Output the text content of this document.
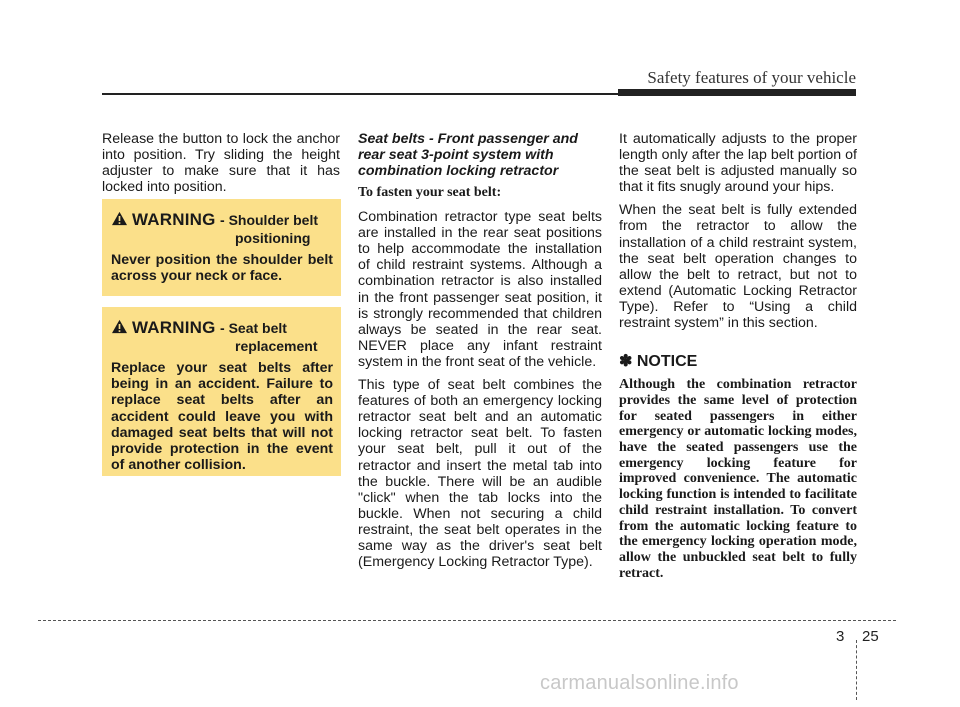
Safety features of your vehicle

Release the button to lock the anchor into position. Try sliding the height adjuster to make sure that it has locked into position.

WARNING - Shoulder belt
positioning
Never position the shoulder belt across your neck or face.
WARNING - Seat belt
replacement
Replace your seat belts after being in an accident. Failure to replace seat belts after an accident could leave you with damaged seat belts that will not provide protection in the event of another collision.
Seat belts - Front passenger and rear seat 3-point system with combination locking retractor
To fasten your seat belt:

Combination retractor type seat belts are installed in the rear seat positions to help accommodate the installation of child restraint systems. Although a combination retractor is also installed in the front passenger seat position, it is strongly recommended that children always be seated in the rear seat. NEVER place any infant restraint system in the front seat of the vehicle.

This type of seat belt combines the features of both an emergency locking retractor seat belt and an automatic locking retractor seat belt. To fasten your seat belt, pull it out of the retractor and insert the metal tab into the buckle. There will be an audible "click" when the tab locks into the buckle. When not securing a child restraint, the seat belt operates in the same way as the driver's seat belt (Emergency Locking Retractor Type).

It automatically adjusts to the proper length only after the lap belt portion of the seat belt is adjusted manually so that it fits snugly around your hips.

When the seat belt is fully extended from the retractor to allow the installation of a child restraint system, the seat belt operation changes to allow the belt to retract, but not to extend (Automatic Locking Retractor Type). Refer to “Using a child restraint system” in this section.

✽ NOTICE
Although the combination retractor provides the same level of protection for seated passengers in either emergency or automatic locking modes, have the seated passengers use the emergency locking feature for improved convenience. The automatic locking function is intended to facilitate child restraint installation. To convert from the automatic locking feature to the emergency locking operation mode, allow the unbuckled seat belt to fully retract.
3 25
carmanualsonline.info
